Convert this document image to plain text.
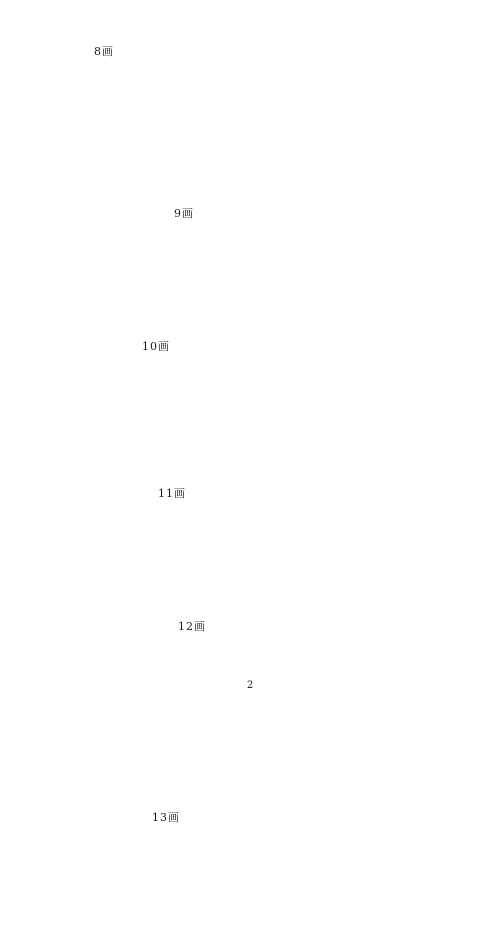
8画
9画
10画
11画
12画
13画
2
